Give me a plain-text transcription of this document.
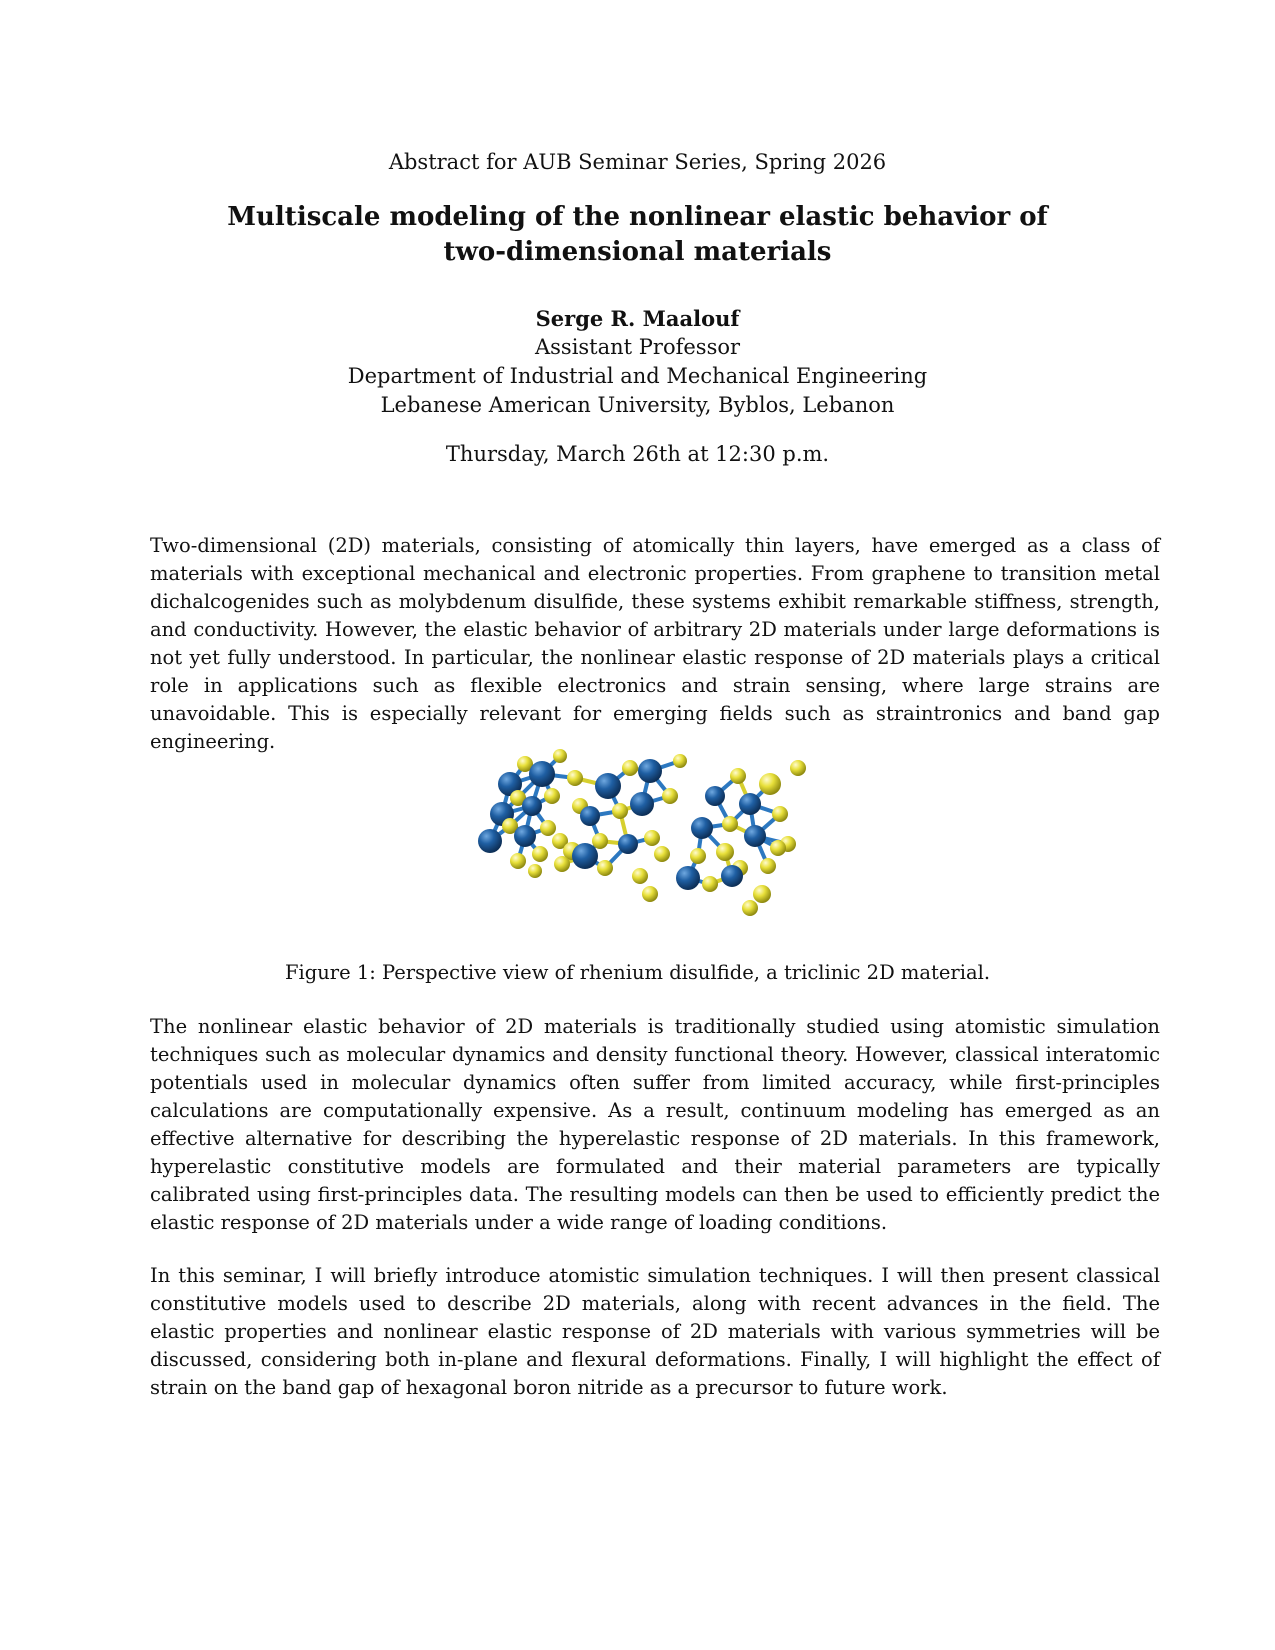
Abstract for AUB Seminar Series, Spring 2026
Multiscale modeling of the nonlinear elastic behavior of
two-dimensional materials
Serge R. Maalouf
Assistant Professor
Department of Industrial and Mechanical Engineering
Lebanese American University, Byblos, Lebanon
Thursday, March 26th at 12:30 p.m.
Two-dimensional (2D) materials, consisting of atomically thin layers, have emerged as a class of materials with exceptional mechanical and electronic properties. From graphene to transition metal dichalcogenides such as molybdenum disulfide, these systems exhibit remarkable stiffness, strength, and conductivity. However, the elastic behavior of arbitrary 2D materials under large deformations is not yet fully understood. In particular, the nonlinear elastic response of 2D materials plays a critical role in applications such as flexible electronics and strain sensing, where large strains are unavoidable. This is especially relevant for emerging fields such as straintronics and band gap engineering.
Figure 1: Perspective view of rhenium disulfide, a triclinic 2D material.
The nonlinear elastic behavior of 2D materials is traditionally studied using atomistic simulation techniques such as molecular dynamics and density functional theory. However, classical interatomic potentials used in molecular dynamics often suffer from limited accuracy, while first-principles calculations are computationally expensive. As a result, continuum modeling has emerged as an effective alternative for describing the hyperelastic response of 2D materials. In this framework, hyperelastic constitutive models are formulated and their material parameters are typically calibrated using first-principles data. The resulting models can then be used to efficiently predict the elastic response of 2D materials under a wide range of loading conditions.
In this seminar, I will briefly introduce atomistic simulation techniques. I will then present classical constitutive models used to describe 2D materials, along with recent advances in the field. The elastic properties and nonlinear elastic response of 2D materials with various symmetries will be discussed, considering both in-plane and flexural deformations. Finally, I will highlight the effect of strain on the band gap of hexagonal boron nitride as a precursor to future work.
